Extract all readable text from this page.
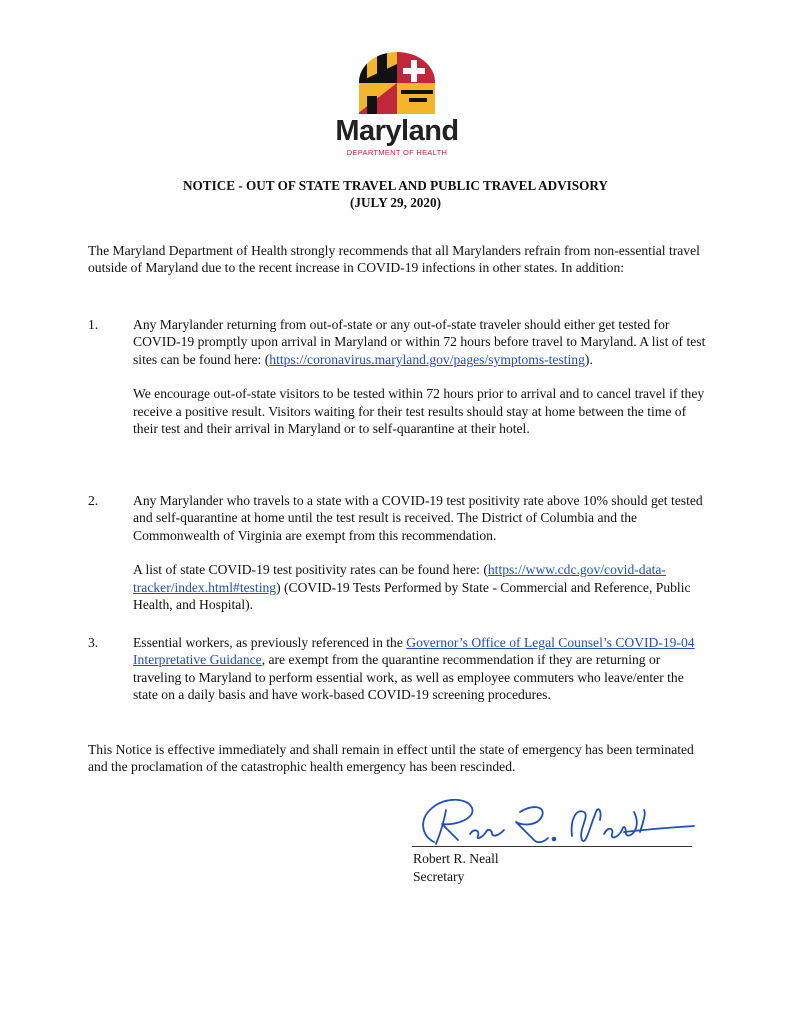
Maryland
DEPARTMENT OF HEALTH
NOTICE - OUT OF STATE TRAVEL AND PUBLIC TRAVEL ADVISORY
(JULY 29, 2020)
The Maryland Department of Health strongly recommends that all Marylanders refrain from non-essential travel outside of Maryland due to the recent increase in COVID-19 infections in other states. In addition:
1.	Any Marylander returning from out-of-state or any out-of-state traveler should either get tested for COVID-19 promptly upon arrival in Maryland or within 72 hours before travel to Maryland. A list of test sites can be found here: (https://coronavirus.maryland.gov/pages/symptoms-testing).

We encourage out-of-state visitors to be tested within 72 hours prior to arrival and to cancel travel if they receive a positive result. Visitors waiting for their test results should stay at home between the time of their test and their arrival in Maryland or to self-quarantine at their hotel.

2.	Any Marylander who travels to a state with a COVID-19 test positivity rate above 10% should get tested and self-quarantine at home until the test result is received. The District of Columbia and the Commonwealth of Virginia are exempt from this recommendation.

A list of state COVID-19 test positivity rates can be found here: (https://www.cdc.gov/covid-data-tracker/index.html#testing) (COVID-19 Tests Performed by State - Commercial and Reference, Public Health, and Hospital).

3.	Essential workers, as previously referenced in the Governor’s Office of Legal Counsel’s COVID-19-04 Interpretative Guidance, are exempt from the quarantine recommendation if they are returning or traveling to Maryland to perform essential work, as well as employee commuters who leave/enter the state on a daily basis and have work-based COVID-19 screening procedures.

This Notice is effective immediately and shall remain in effect until the state of emergency has been terminated and the proclamation of the catastrophic health emergency has been rescinded.
Robert R. Neall
Secretary
